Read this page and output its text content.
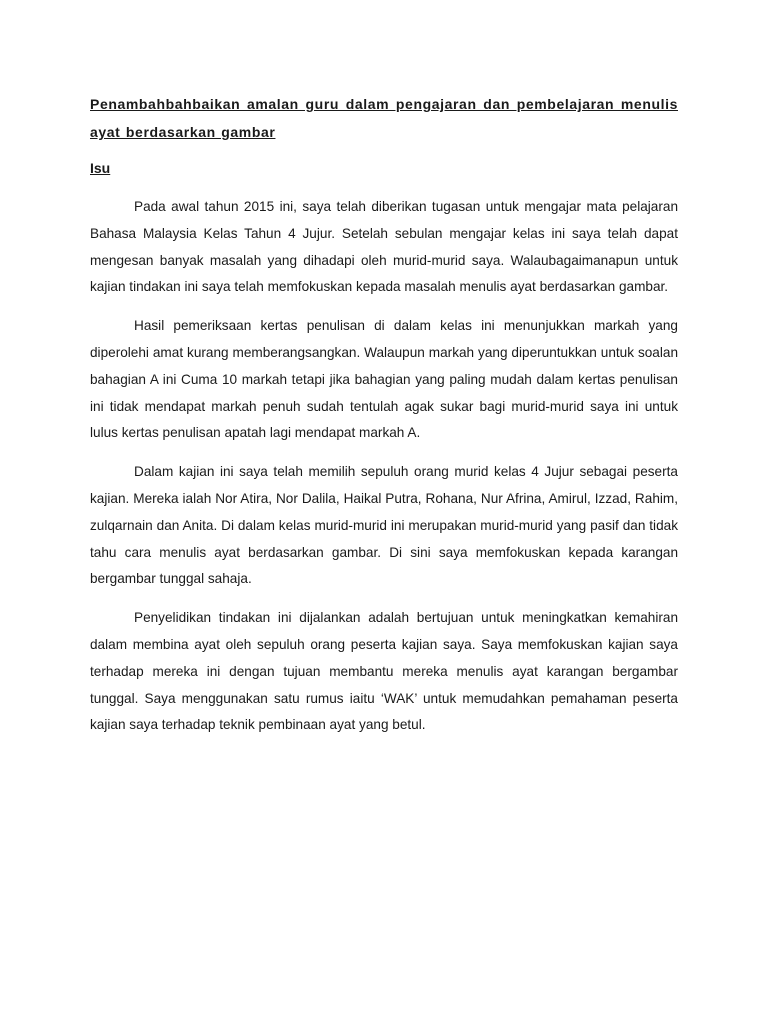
Penambahbahbaikan amalan guru dalam pengajaran dan pembelajaran menulis ayat berdasarkan gambar
Isu

Pada awal tahun 2015 ini, saya telah diberikan tugasan untuk mengajar mata pelajaran Bahasa Malaysia Kelas Tahun 4 Jujur. Setelah sebulan mengajar kelas ini saya telah dapat mengesan banyak masalah yang dihadapi oleh murid-murid saya. Walaubagaimanapun untuk kajian tindakan ini saya telah memfokuskan kepada masalah menulis ayat berdasarkan gambar.

Hasil pemeriksaan kertas penulisan di dalam kelas ini menunjukkan markah yang diperolehi amat kurang memberangsangkan. Walaupun markah yang diperuntukkan untuk soalan bahagian A ini Cuma 10 markah tetapi jika bahagian yang paling mudah dalam kertas penulisan ini tidak mendapat markah penuh sudah tentulah agak sukar bagi murid-murid saya ini untuk lulus kertas penulisan apatah lagi mendapat markah A.

Dalam kajian ini saya telah memilih sepuluh orang murid kelas 4 Jujur sebagai peserta kajian. Mereka ialah Nor Atira, Nor Dalila, Haikal Putra, Rohana, Nur Afrina, Amirul, Izzad, Rahim, zulqarnain dan Anita. Di dalam kelas murid-murid ini merupakan murid-murid yang pasif dan tidak tahu cara menulis ayat berdasarkan gambar. Di sini saya memfokuskan kepada karangan bergambar tunggal sahaja.

Penyelidikan tindakan ini dijalankan adalah bertujuan untuk meningkatkan kemahiran dalam membina ayat oleh sepuluh orang peserta kajian saya. Saya memfokuskan kajian saya terhadap mereka ini dengan tujuan membantu mereka menulis ayat karangan bergambar tunggal. Saya menggunakan satu rumus iaitu ‘WAK’ untuk memudahkan pemahaman peserta kajian saya terhadap teknik pembinaan ayat yang betul.
